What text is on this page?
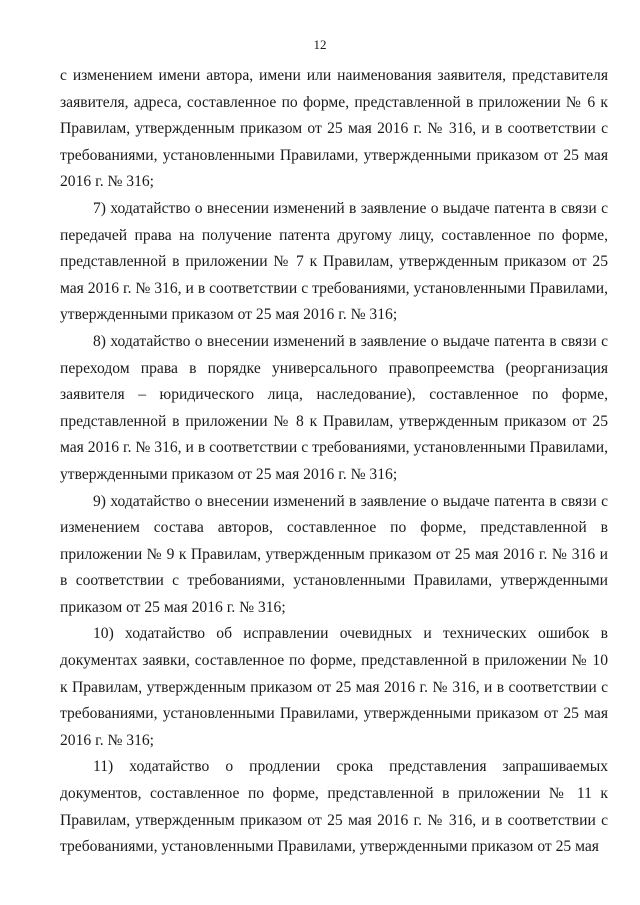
12

с изменением имени автора, имени или наименования заявителя, представителя заявителя, адреса, составленное по форме, представленной в приложении № 6 к Правилам, утвержденным приказом от 25 мая 2016 г. № 316, и в соответствии с требованиями, установленными Правилами, утвержденными приказом от 25 мая 2016 г. № 316;

7) ходатайство о внесении изменений в заявление о выдаче патента в связи с передачей права на получение патента другому лицу, составленное по форме, представленной в приложении № 7 к Правилам, утвержденным приказом от 25 мая 2016 г. № 316, и в соответствии с требованиями, установленными Правилами, утвержденными приказом от 25 мая 2016 г. № 316;

8) ходатайство о внесении изменений в заявление о выдаче патента в связи с переходом права в порядке универсального правопреемства (реорганизация заявителя – юридического лица, наследование), составленное по форме, представленной в приложении № 8 к Правилам, утвержденным приказом от 25 мая 2016 г. № 316, и в соответствии с требованиями, установленными Правилами, утвержденными приказом от 25 мая 2016 г. № 316;

9) ходатайство о внесении изменений в заявление о выдаче патента в связи с изменением состава авторов, составленное по форме, представленной в приложении № 9 к Правилам, утвержденным приказом от 25 мая 2016 г. № 316 и в соответствии с требованиями, установленными Правилами, утвержденными приказом от 25 мая 2016 г. № 316;

10) ходатайство об исправлении очевидных и технических ошибок в документах заявки, составленное по форме, представленной в приложении № 10 к Правилам, утвержденным приказом от 25 мая 2016 г. № 316, и в соответствии с требованиями, установленными Правилами, утвержденными приказом от 25 мая 2016 г. № 316;

11) ходатайство о продлении срока представления запрашиваемых документов, составленное по форме, представленной в приложении № 11 к Правилам, утвержденным приказом от 25 мая 2016 г. № 316, и в соответствии с требованиями, установленными Правилами, утвержденными приказом от 25 мая
